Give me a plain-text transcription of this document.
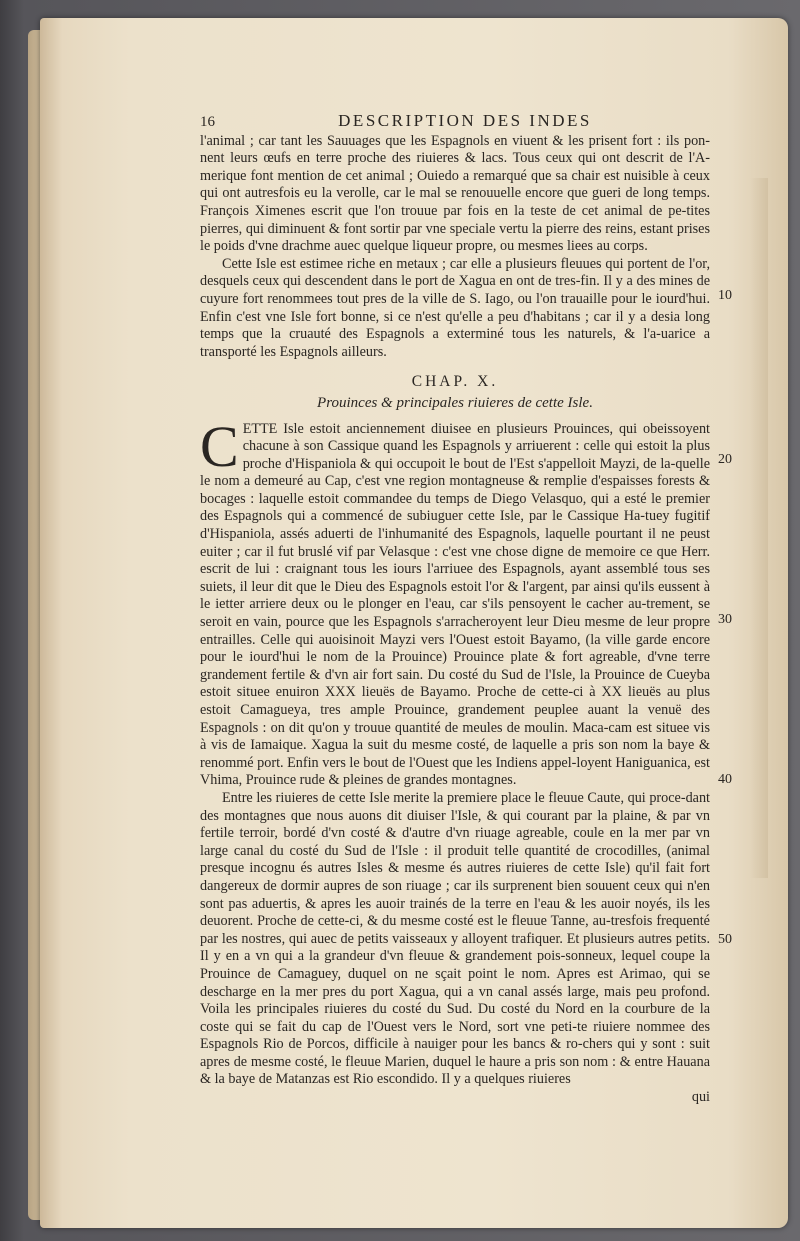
16	DESCRIPTION DES INDES

l'animal ; car tant les Sauuages que les Espagnols en viuent & les prisent fort : ils pon-nent leurs œufs en terre proche des riuieres & lacs. Tous ceux qui ont descrit de l'A-merique font mention de cet animal ; Ouiedo a remarqué que sa chair est nuisible à ceux qui ont autresfois eu la verolle, car le mal se renouuelle encore que gueri de long temps. François Ximenes escrit que l'on trouue par fois en la teste de cet animal de pe-tites pierres, qui diminuent & font sortir par vne speciale vertu la pierre des reins, estant prises le poids d'vne drachme auec quelque liqueur propre, ou mesmes liees au corps.

Cette Isle est estimee riche en metaux ; car elle a plusieurs fleuues qui portent de l'or, desquels ceux qui descendent dans le port de Xagua en ont de tres-fin. Il y a des mines de cuyure fort renommees tout pres de la ville de S. Iago, ou l'on trauaille pour le iourd'hui. Enfin c'est vne Isle fort bonne, si ce n'est qu'elle a peu d'habitans ; car il y a desia long temps que la cruauté des Espagnols a exterminé tous les naturels, & l'a-uarice a transporté les Espagnols ailleurs.

CHAP. X.
Prouinces & principales riuieres de cette Isle.

CETTE Isle estoit anciennement diuisee en plusieurs Prouinces, qui obeissoyent chacune à son Cassique quand les Espagnols y arriuerent : celle qui estoit la plus proche d'Hispaniola & qui occupoit le bout de l'Est s'appelloit Mayzi, de la-quelle le nom a demeuré au Cap, c'est vne region montagneuse & remplie d'espaisses forests & bocages : laquelle estoit commandee du temps de Diego Velasquo, qui a esté le premier des Espagnols qui a commencé de subiuguer cette Isle, par le Cassique Ha-tuey fugitif d'Hispaniola, assés aduerti de l'inhumanité des Espagnols, laquelle pourtant il ne peust euiter ; car il fut bruslé vif par Velasque : c'est vne chose digne de memoire ce que Herr. escrit de lui : craignant tous les iours l'arriuee des Espagnols, ayant assemblé tous ses suiets, il leur dit que le Dieu des Espagnols estoit l'or & l'argent, par ainsi qu'ils eussent à le ietter arriere deux ou le plonger en l'eau, car s'ils pensoyent le cacher au-trement, se seroit en vain, pource que les Espagnols s'arracheroyent leur Dieu mesme de leur propre entrailles. Celle qui auoisinoit Mayzi vers l'Ouest estoit Bayamo, (la ville garde encore pour le iourd'hui le nom de la Prouince) Prouince plate & fort agreable, d'vne terre grandement fertile & d'vn air fort sain. Du costé du Sud de l'Isle, la Prouince de Cueyba estoit situee enuiron XXX lieuës de Bayamo. Proche de cette-ci à XX lieuës au plus estoit Camagueya, tres ample Prouince, grandement peuplee auant la venuë des Espagnols : on dit qu'on y trouue quantité de meules de moulin. Maca-cam est situee vis à vis de Iamaique. Xagua la suit du mesme costé, de laquelle a pris son nom la baye & renommé port. Enfin vers le bout de l'Ouest que les Indiens appel-loyent Haniguanica, est Vhima, Prouince rude & pleines de grandes montagnes.

Entre les riuieres de cette Isle merite la premiere place le fleuue Caute, qui proce-dant des montagnes que nous auons dit diuiser l'Isle, & qui courant par la plaine, & par vn fertile terroir, bordé d'vn costé & d'autre d'vn riuage agreable, coule en la mer par vn large canal du costé du Sud de l'Isle : il produit telle quantité de crocodilles, (animal presque incognu és autres Isles & mesme és autres riuieres de cette Isle) qu'il fait fort dangereux de dormir aupres de son riuage ; car ils surprenent bien souuent ceux qui n'en sont pas aduertis, & apres les auoir trainés de la terre en l'eau & les auoir noyés, ils les deuorent. Proche de cette-ci, & du mesme costé est le fleuue Tanne, au-tresfois frequenté par les nostres, qui auec de petits vaisseaux y alloyent trafiquer. Et plusieurs autres petits. Il y en a vn qui a la grandeur d'vn fleuue & grandement pois-sonneux, lequel coupe la Prouince de Camaguey, duquel on ne sçait point le nom. Apres est Arimao, qui se descharge en la mer pres du port Xagua, qui a vn canal assés large, mais peu profond. Voila les principales riuieres du costé du Sud. Du costé du Nord en la courbure de la coste qui se fait du cap de l'Ouest vers le Nord, sort vne peti-te riuiere nommee des Espagnols Rio de Porcos, difficile à nauiger pour les bancs & ro-chers qui y sont : suit apres de mesme costé, le fleuue Marien, duquel le haure a pris son nom : & entre Hauana & la baye de Matanzas est Rio escondido. Il y a quelques riuieres

qui

10
20
30
40
50
